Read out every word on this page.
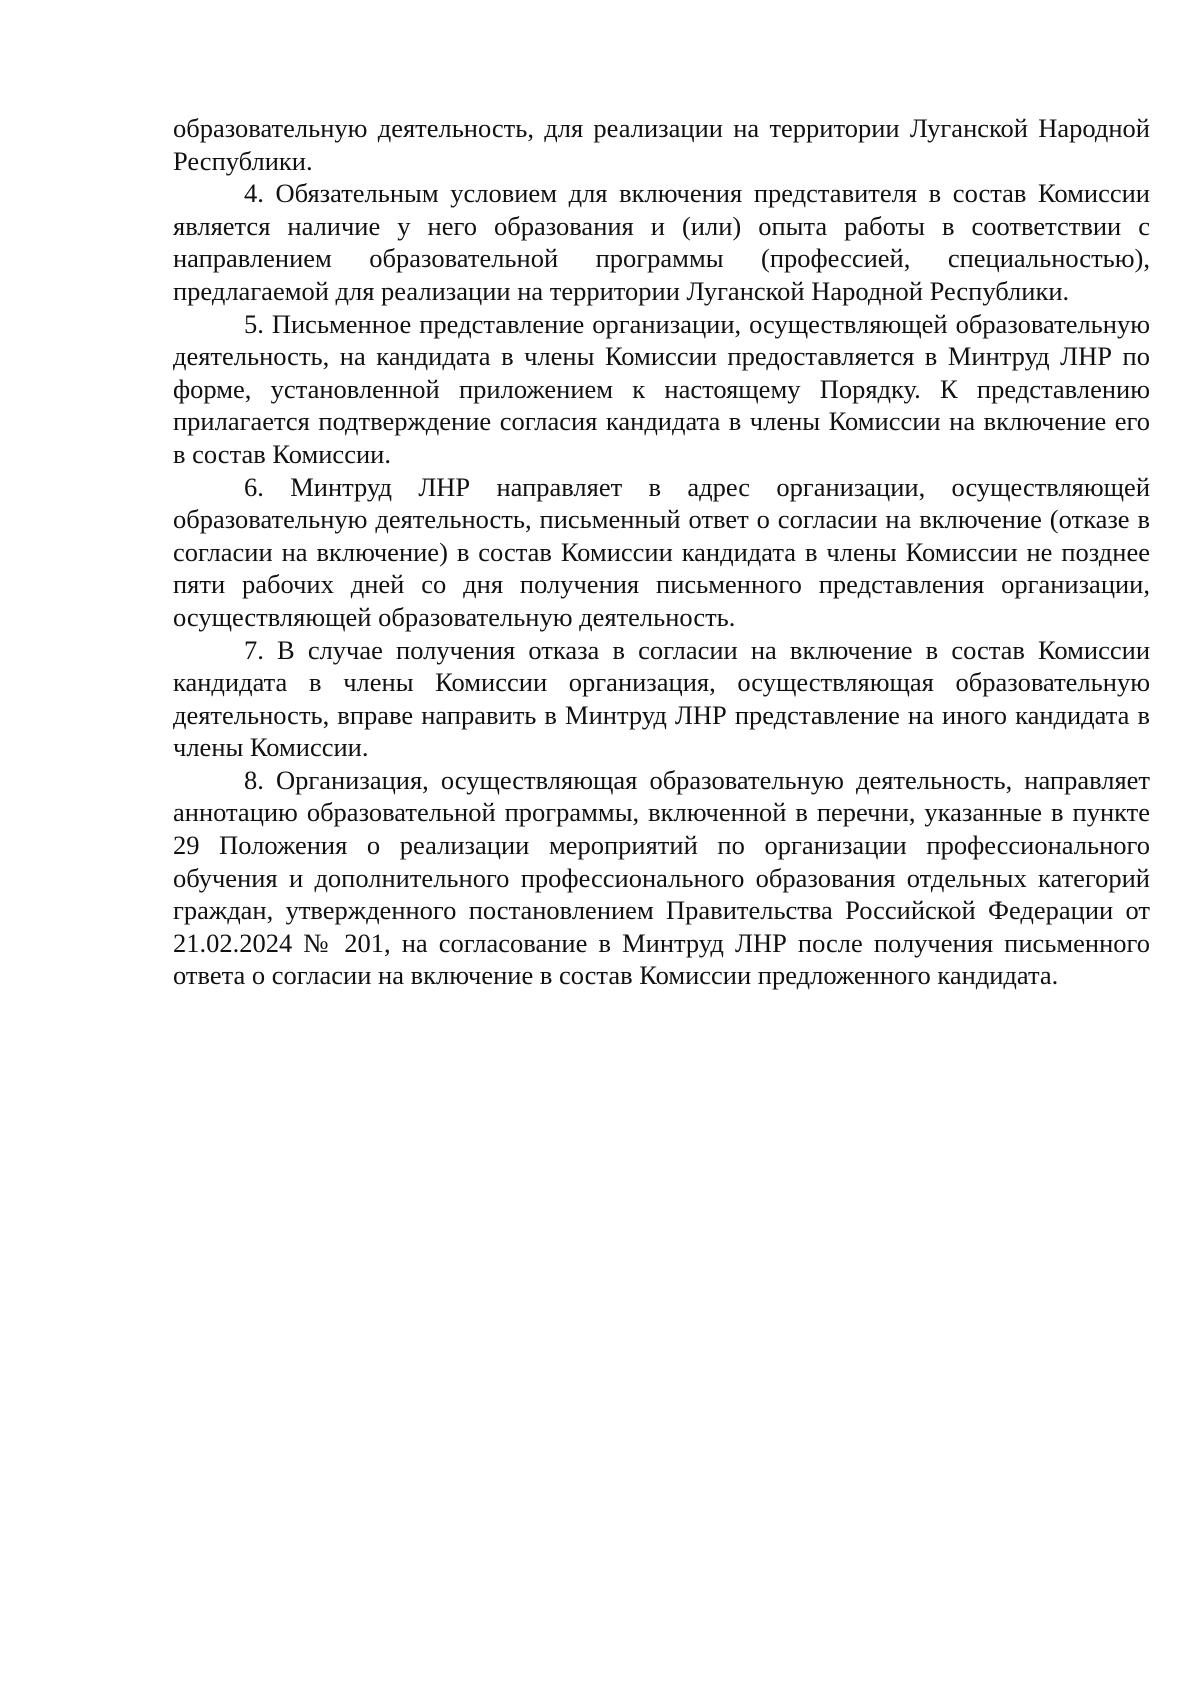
образовательную деятельность, для реализации на территории Луганской Народной Республики.

4. Обязательным условием для включения представителя в состав Комиссии является наличие у него образования и (или) опыта работы в соответствии с направлением образовательной программы (профессией, специальностью), предлагаемой для реализации на территории Луганской Народной Республики.

5. Письменное представление организации, осуществляющей образовательную деятельность, на кандидата в члены Комиссии предоставляется в Минтруд ЛНР по форме, установленной приложением к настоящему Порядку. К представлению прилагается подтверждение согласия кандидата в члены Комиссии на включение его в состав Комиссии.

6. Минтруд ЛНР направляет в адрес организации, осуществляющей образовательную деятельность, письменный ответ о согласии на включение (отказе в согласии на включение) в состав Комиссии кандидата в члены Комиссии не позднее пяти рабочих дней со дня получения письменного представления организации, осуществляющей образовательную деятельность.

7. В случае получения отказа в согласии на включение в состав Комиссии кандидата в члены Комиссии организация, осуществляющая образовательную деятельность, вправе направить в Минтруд ЛНР представление на иного кандидата в члены Комиссии.

8. Организация, осуществляющая образовательную деятельность, направляет аннотацию образовательной программы, включенной в перечни, указанные в пункте 29 Положения о реализации мероприятий по организации профессионального обучения и дополнительного профессионального образования отдельных категорий граждан, утвержденного постановлением Правительства Российской Федерации от 21.02.2024 № 201, на согласование в Минтруд ЛНР после получения письменного ответа о согласии на включение в состав Комиссии предложенного кандидата.
